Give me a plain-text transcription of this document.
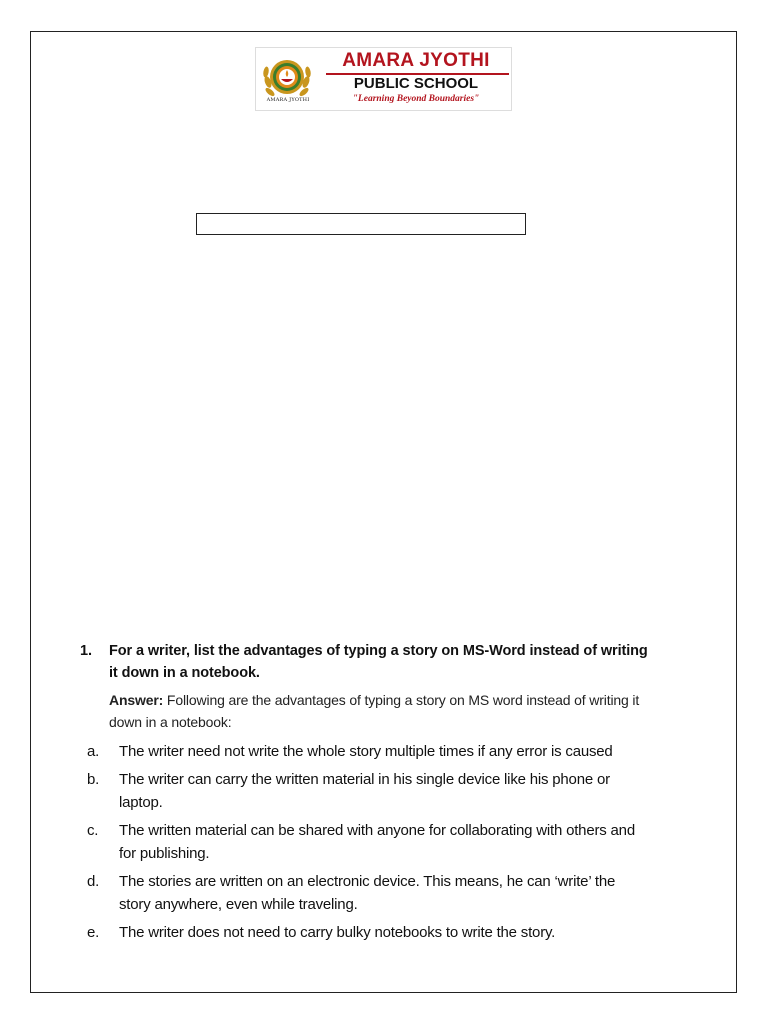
AMARA JYOTHI
AMARA JYOTHI
PUBLIC SCHOOL
"Learning Beyond Boundaries"
1.	For a writer, list the advantages of typing a story on MS-Word instead of writing it down in a notebook.
Answer: Following are the advantages of typing a story on MS word instead of writing it down in a notebook:
a.	The writer need not write the whole story multiple times if any error is caused
b.	The writer can carry the written material in his single device like his phone or laptop.
c.	The written material can be shared with anyone for collaborating with others and for publishing.
d.	The stories are written on an electronic device. This means, he can ‘write’ the story anywhere, even while traveling.
e.	The writer does not need to carry bulky notebooks to write the story.
